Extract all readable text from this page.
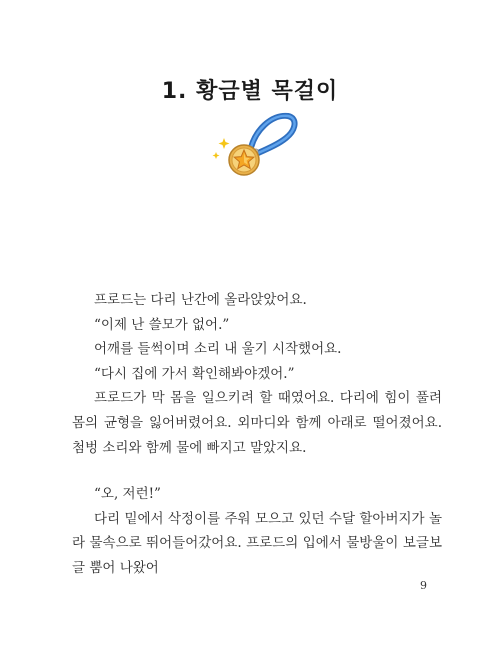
1. 황금별 목걸이

프로드는 다리 난간에 올라앉았어요.

“이제 난 쓸모가 없어.”

어깨를 들썩이며 소리 내 울기 시작했어요.

“다시 집에 가서 확인해봐야겠어.”

프로드가 막 몸을 일으키려 할 때였어요. 다리에 힘이 풀려 몸의 균형을 잃어버렸어요. 외마디와 함께 아래로 떨어졌어요. 첨벙 소리와 함께 물에 빠지고 말았지요.

“오, 저런!”

다리 밑에서 삭정이를 주워 모으고 있던 수달 할아버지가 놀라 물속으로 뛰어들어갔어요. 프로드의 입에서 물방울이 보글보글 뿜어 나왔어

9
